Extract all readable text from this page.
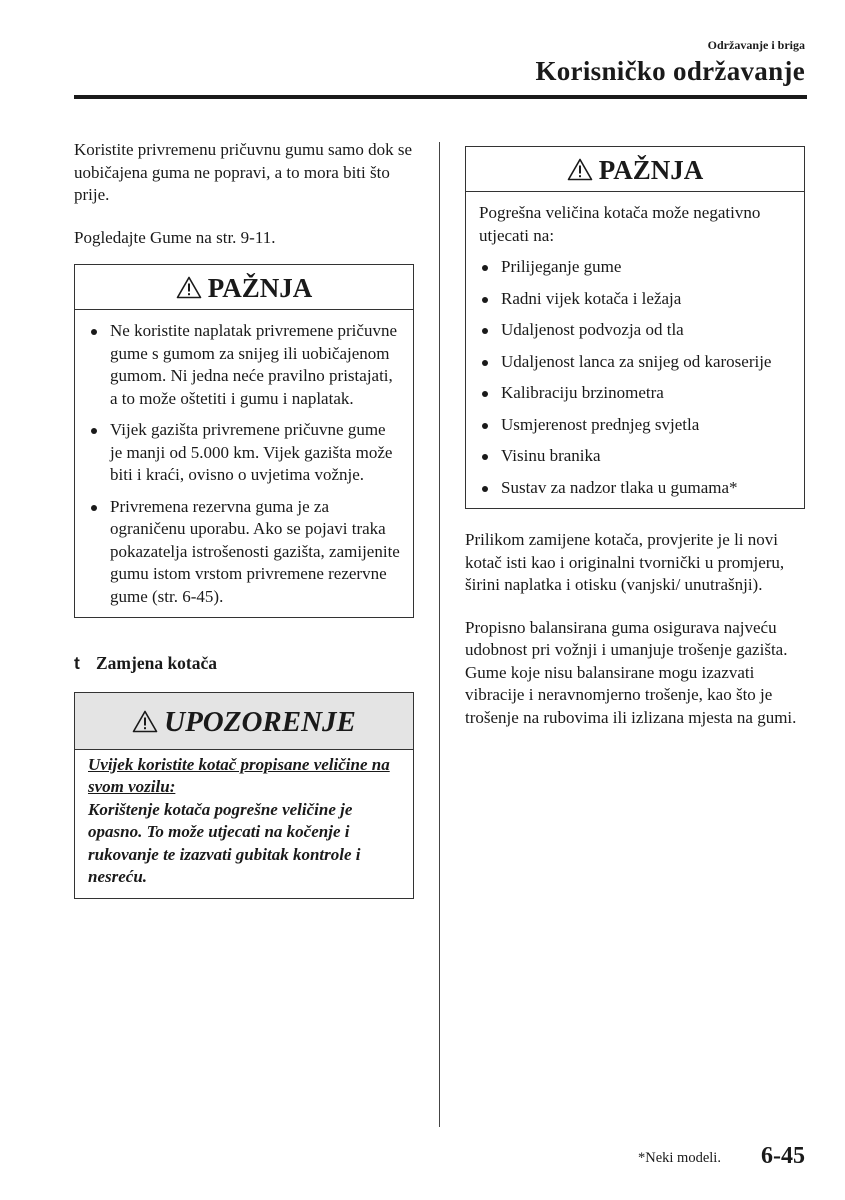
Održavanje i briga
Korisničko održavanje

Koristite privremenu pričuvnu gumu samo dok se uobičajena guma ne popravi, a to mora biti što prije.

Pogledajte Gume na str. 9-11.

PAŽNJA
Ne koristite naplatak privremene pričuvne gume s gumom za snijeg ili uobičajenom gumom. Ni jedna neće pravilno pristajati, a to može oštetiti i gumu i naplatak.
Vijek gazišta privremene pričuvne gume je manji od 5.000 km. Vijek gazišta može biti i kraći, ovisno o uvjetima vožnje.
Privremena rezervna guma je za ograničenu uporabu. Ako se pojavi traka pokazatelja istrošenosti gazišta, zamijenite gumu istom vrstom privremene rezervne gume (str. 6-45).
t Zamjena kotača
UPOZORENJE

Uvijek koristite kotač propisane veličine na svom vozilu:

Korištenje kotača pogrešne veličine je opasno. To može utjecati na kočenje i rukovanje te izazvati gubitak kontrole i nesreću.

PAŽNJA

Pogrešna veličina kotača može negativno utjecati na:

Prilijeganje gume
Radni vijek kotača i ležaja
Udaljenost podvozja od tla
Udaljenost lanca za snijeg od karoserije
Kalibraciju brzinometra
Usmjerenost prednjeg svjetla
Visinu branika
Sustav za nadzor tlaka u gumama*

Prilikom zamijene kotača, provjerite je li novi kotač isti kao i originalni tvornički u promjeru, širini naplatka i otisku (vanjski/ unutrašnji).

Propisno balansirana guma osigurava najveću udobnost pri vožnji i umanjuje trošenje gazišta. Gume koje nisu balansirane mogu izazvati vibracije i neravnomjerno trošenje, kao što je trošenje na rubovima ili izlizana mjesta na gumi.

*Neki modeli. 6-45
